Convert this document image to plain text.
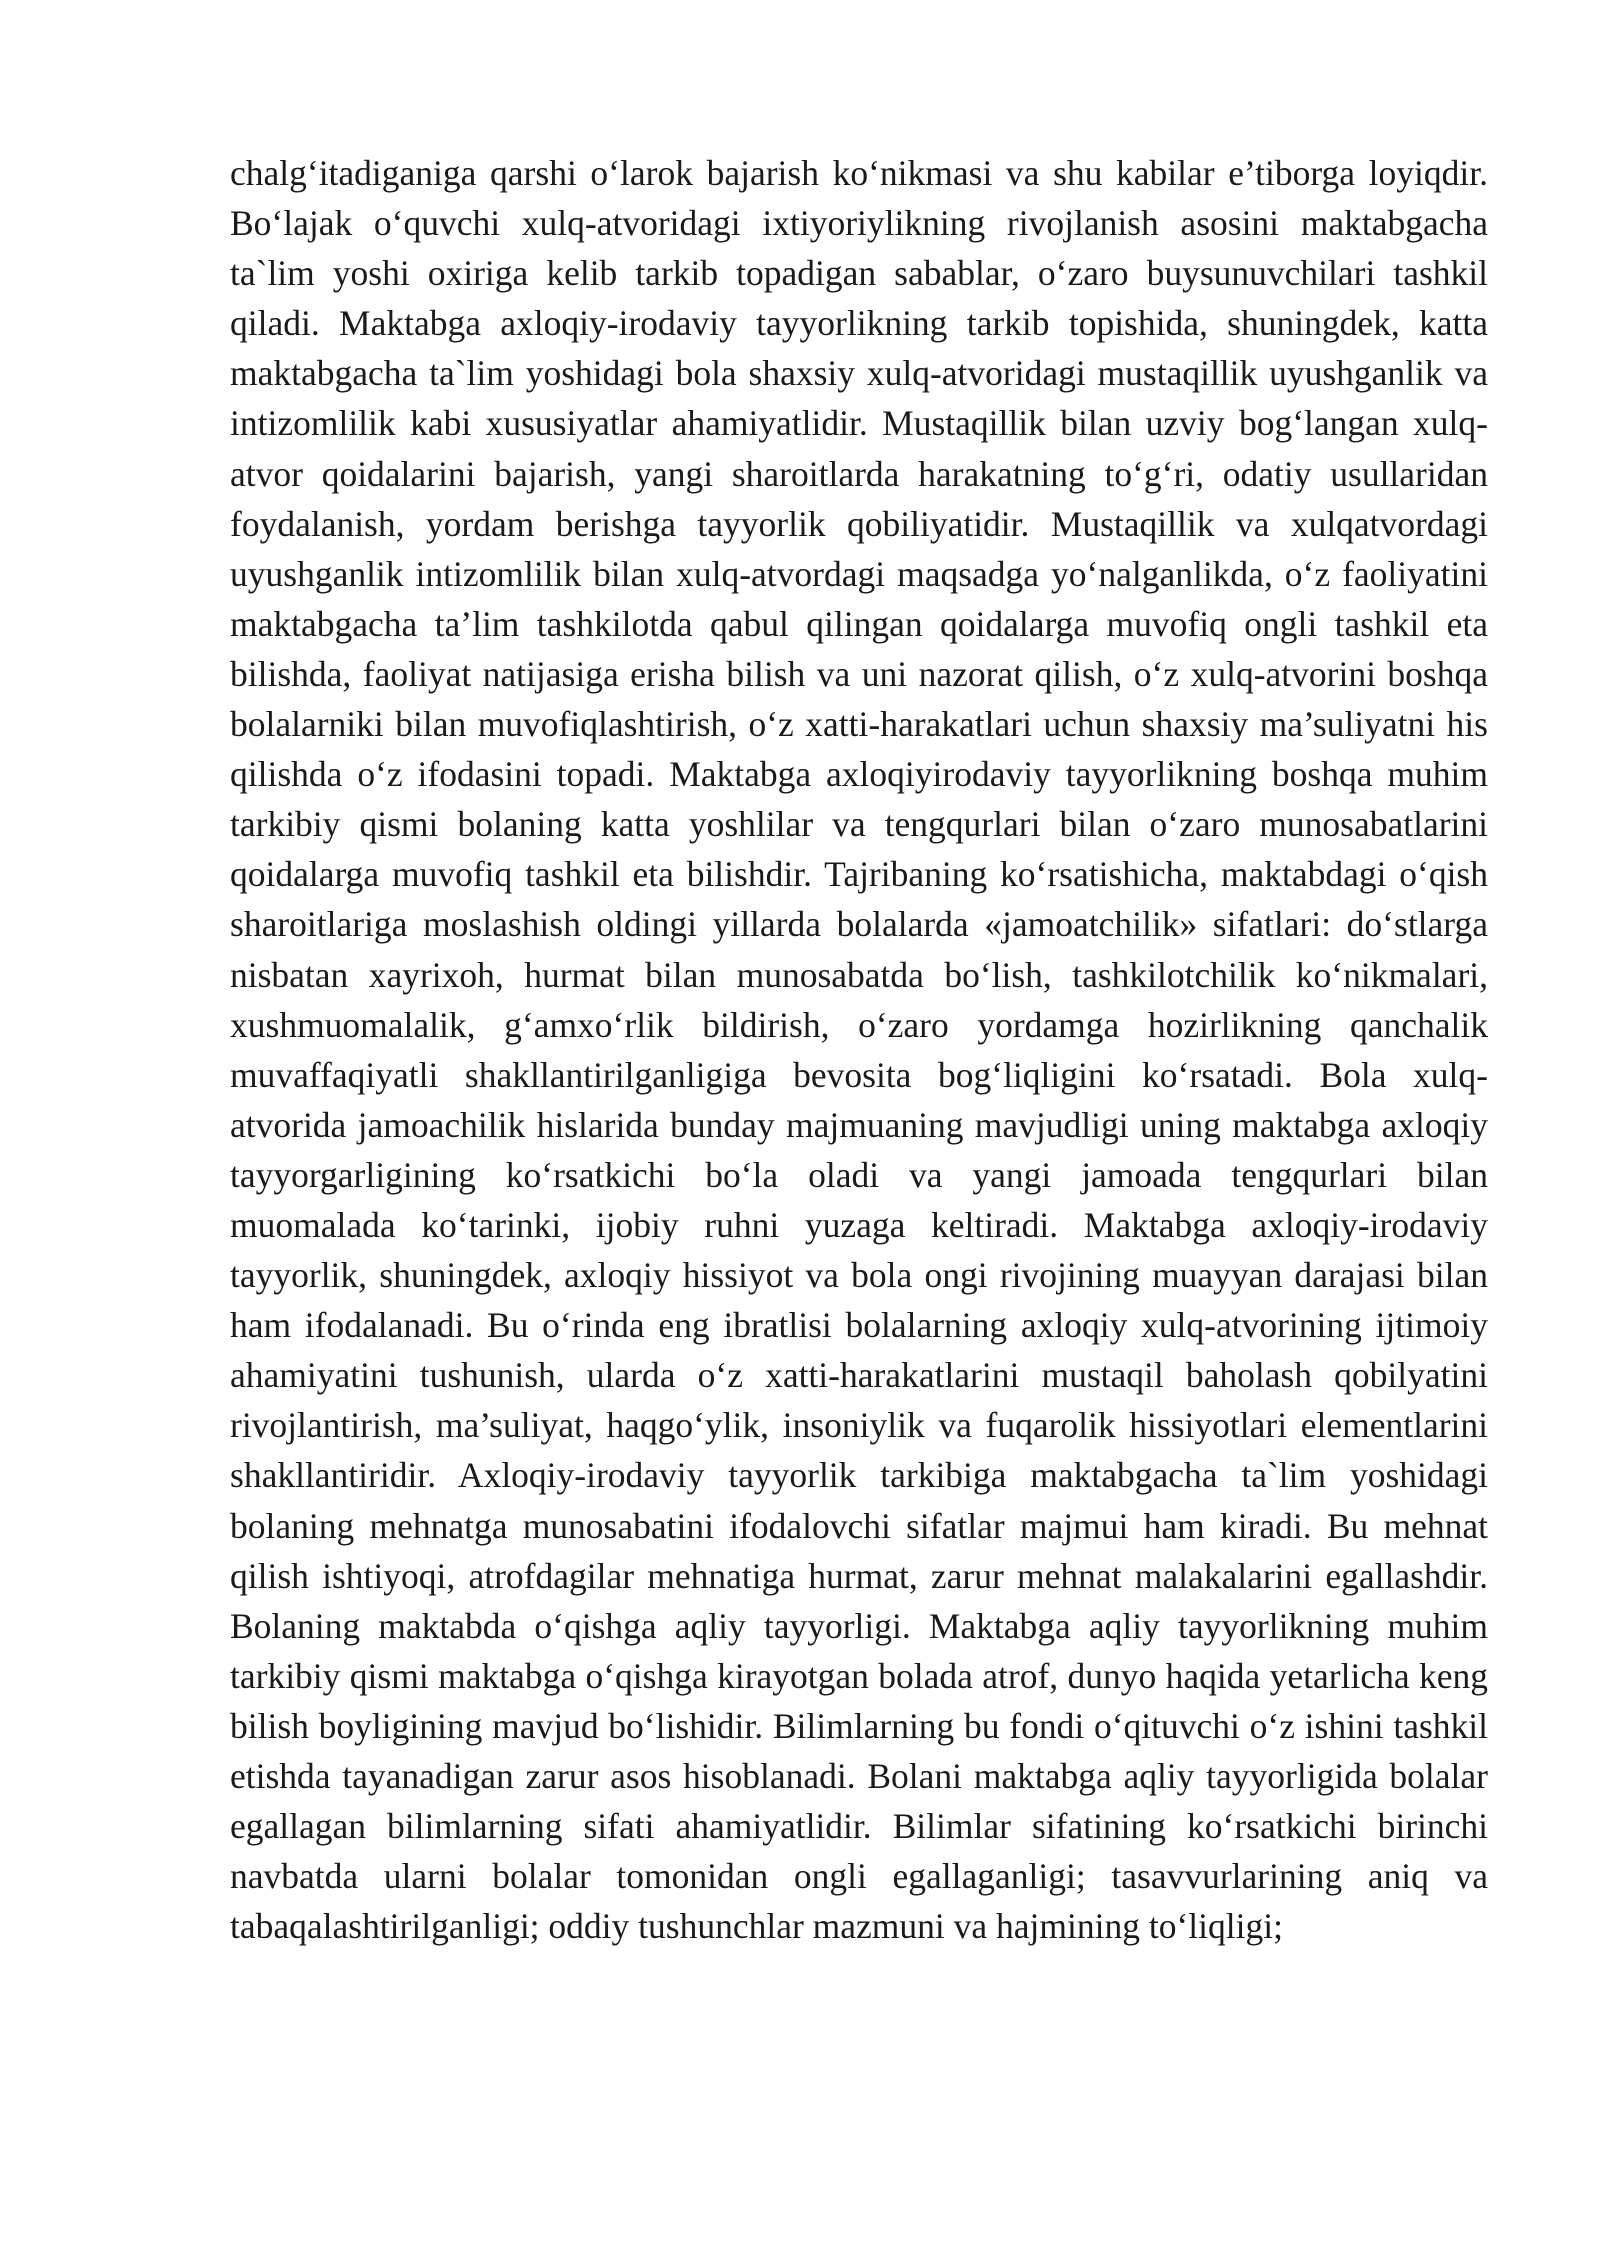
chalg‘itadiganiga qarshi o‘larok bajarish ko‘nikmasi va shu kabilar e’tiborga loyiqdir. Bo‘lajak o‘quvchi xulq-atvoridagi ixtiyoriylikning rivojlanish asosini maktabgacha ta`lim yoshi oxiriga kelib tarkib topadigan sabablar, o‘zaro buysunuvchilari tashkil qiladi. Maktabga axloqiy-irodaviy tayyorlikning tarkib topishida, shuningdek, katta maktabgacha ta`lim yoshidagi bola shaxsiy xulq-atvoridagi mustaqillik uyushganlik va intizomlilik kabi xususiyatlar ahamiyatlidir. Mustaqillik bilan uzviy bog‘langan xulq-atvor qoidalarini bajarish, yangi sharoitlarda harakatning to‘g‘ri, odatiy usullaridan foydalanish, yordam berishga tayyorlik qobiliyatidir. Mustaqillik va xulqatvordagi uyushganlik intizomlilik bilan xulq-atvordagi maqsadga yo‘nalganlikda, o‘z faoliyatini maktabgacha ta’lim tashkilotda qabul qilingan qoidalarga muvofiq ongli tashkil eta bilishda, faoliyat natijasiga erisha bilish va uni nazorat qilish, o‘z xulq-atvorini boshqa bolalarniki bilan muvofiqlashtirish, o‘z xatti-harakatlari uchun shaxsiy ma’suliyatni his qilishda o‘z ifodasini topadi. Maktabga axloqiyirodaviy tayyorlikning boshqa muhim tarkibiy qismi bolaning katta yoshlilar va tengqurlari bilan o‘zaro munosabatlarini qoidalarga muvofiq tashkil eta bilishdir. Tajribaning ko‘rsatishicha, maktabdagi o‘qish sharoitlariga moslashish oldingi yillarda bolalarda «jamoatchilik» sifatlari: do‘stlarga nisbatan xayrixoh, hurmat bilan munosabatda bo‘lish, tashkilotchilik ko‘nikmalari, xushmuomalalik, g‘amxo‘rlik bildirish, o‘zaro yordamga hozirlikning qanchalik muvaffaqiyatli shakllantirilganligiga bevosita bog‘liqligini ko‘rsatadi. Bola xulq-atvorida jamoachilik hislarida bunday majmuaning mavjudligi uning maktabga axloqiy tayyorgarligining ko‘rsatkichi bo‘la oladi va yangi jamoada tengqurlari bilan muomalada ko‘tarinki, ijobiy ruhni yuzaga keltiradi. Maktabga axloqiy-irodaviy tayyorlik, shuningdek, axloqiy hissiyot va bola ongi rivojining muayyan darajasi bilan ham ifodalanadi. Bu o‘rinda eng ibratlisi bolalarning axloqiy xulq-atvorining ijtimoiy ahamiyatini tushunish, ularda o‘z xatti-harakatlarini mustaqil baholash qobilyatini rivojlantirish, ma’suliyat, haqgo‘ylik, insoniylik va fuqarolik hissiyotlari elementlarini shakllantiridir. Axloqiy-irodaviy tayyorlik tarkibiga maktabgacha ta`lim yoshidagi bolaning mehnatga munosabatini ifodalovchi sifatlar majmui ham kiradi. Bu mehnat qilish ishtiyoqi, atrofdagilar mehnatiga hurmat, zarur mehnat malakalarini egallashdir. Bolaning maktabda o‘qishga aqliy tayyorligi. Maktabga aqliy tayyorlikning muhim tarkibiy qismi maktabga o‘qishga kirayotgan bolada atrof, dunyo haqida yetarlicha keng bilish boyligining mavjud bo‘lishidir. Bilimlarning bu fondi o‘qituvchi o‘z ishini tashkil etishda tayanadigan zarur asos hisoblanadi. Bolani maktabga aqliy tayyorligida bolalar egallagan bilimlarning sifati ahamiyatlidir. Bilimlar sifatining ko‘rsatkichi birinchi navbatda ularni bolalar tomonidan ongli egallaganligi; tasavvurlarining aniq va tabaqalashtirilganligi; oddiy tushunchlar mazmuni va hajmining to‘liqligi;
